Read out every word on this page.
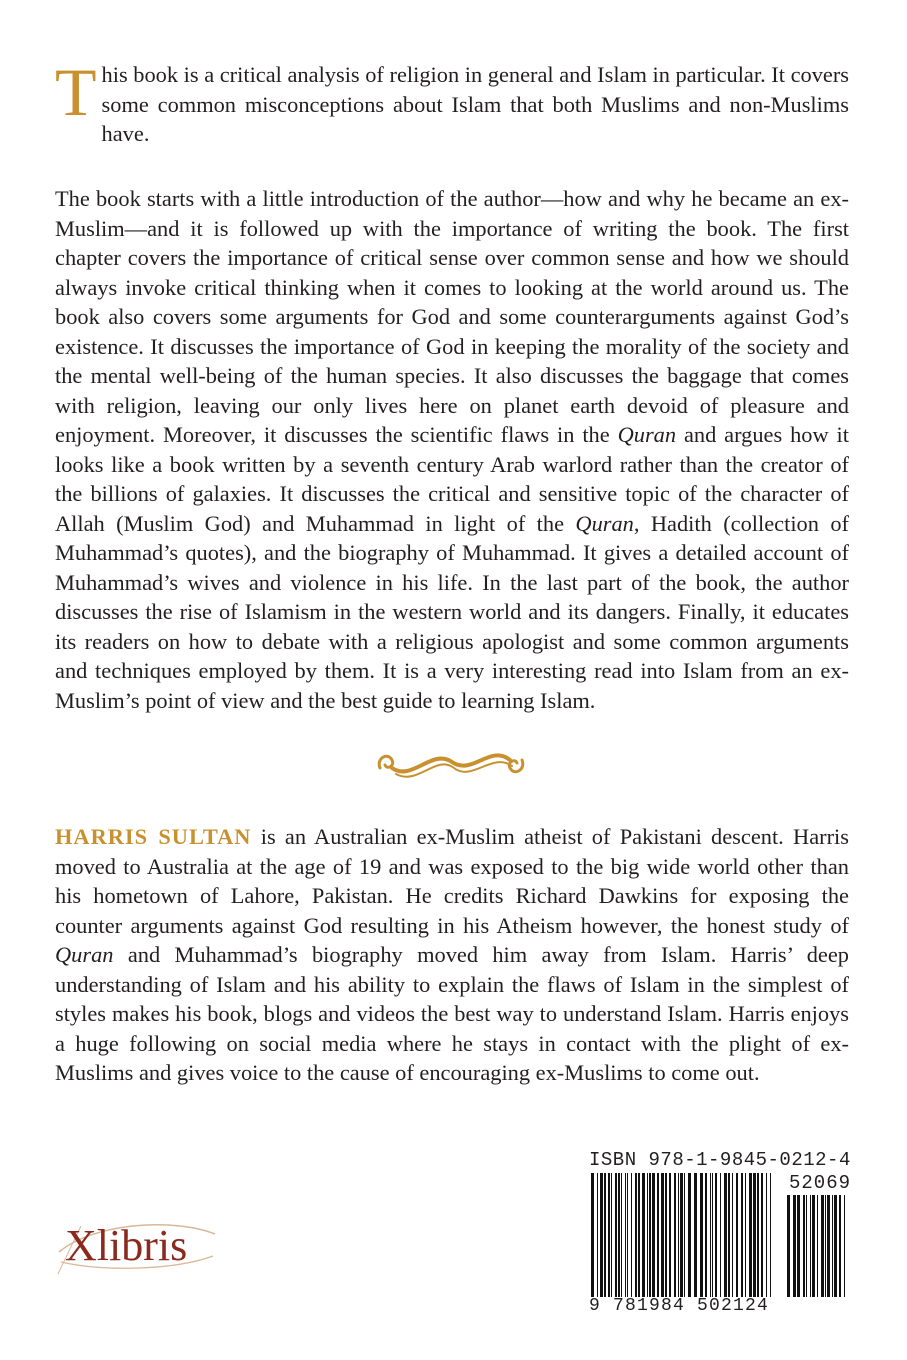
This book is a critical analysis of religion in general and Islam in particular. It covers some common misconceptions about Islam that both Muslims and non-Muslims have.

The book starts with a little introduction of the author—how and why he became an ex-Muslim—and it is followed up with the importance of writing the book. The first chapter covers the importance of critical sense over common sense and how we should always invoke critical thinking when it comes to looking at the world around us. The book also covers some arguments for God and some counterarguments against God’s existence. It discusses the importance of God in keeping the morality of the society and the mental well-being of the human species. It also discusses the baggage that comes with religion, leaving our only lives here on planet earth devoid of pleasure and enjoyment. Moreover, it discusses the scientific flaws in the Quran and argues how it looks like a book written by a seventh century Arab warlord rather than the creator of the billions of galaxies. It discusses the critical and sensitive topic of the character of Allah (Muslim God) and Muhammad in light of the Quran, Hadith (collection of Muhammad’s quotes), and the biography of Muhammad. It gives a detailed account of Muhammad’s wives and violence in his life. In the last part of the book, the author discusses the rise of Islamism in the western world and its dangers. Finally, it educates its readers on how to debate with a religious apologist and some common arguments and techniques employed by them. It is a very interesting read into Islam from an ex-Muslim’s point of view and the best guide to learning Islam.

HARRIS SULTAN is an Australian ex-Muslim atheist of Pakistani descent. Harris moved to Australia at the age of 19 and was exposed to the big wide world other than his hometown of Lahore, Pakistan. He credits Richard Dawkins for exposing the counter arguments against God resulting in his Atheism however, the honest study of Quran and Muhammad’s biography moved him away from Islam. Harris’ deep understanding of Islam and his ability to explain the flaws of Islam in the simplest of styles makes his book, blogs and videos the best way to understand Islam. Harris enjoys a huge following on social media where he stays in contact with the plight of ex-Muslims and gives voice to the cause of encouraging ex-Muslims to come out.

Xlibris
ISBN 978-1-9845-0212-4
52069
9 781984 502124
